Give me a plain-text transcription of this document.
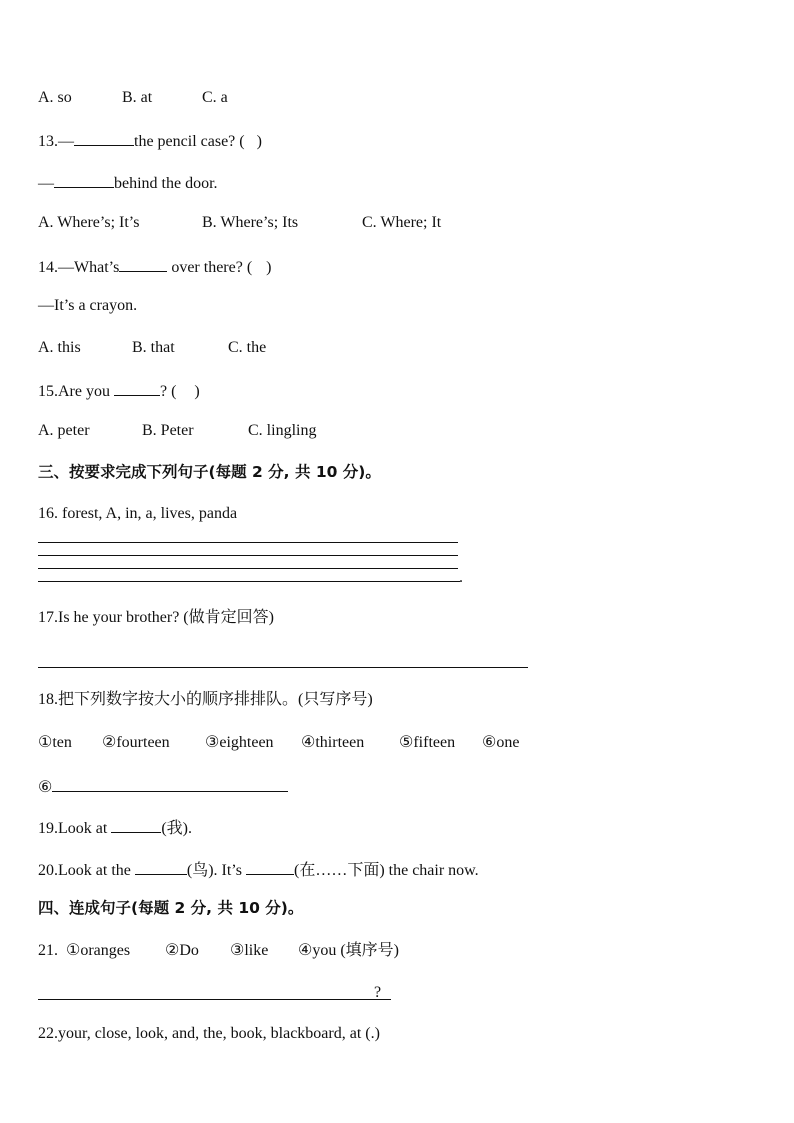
A. so	B. at	C. a
13.—	the pencil case? ( )
—	behind the door.
A. Where’s; It’s	B. Where’s; Its	C. Where; It
14.—What’s	over there? ( )
—It’s a crayon.
A. this	B. that	C. the
15.Are you	? ( )
A. peter	B. Peter	C. lingling
三、按要求完成下列句子(每题 2 分, 共 10 分)。
16. forest, A, in, a, lives, panda
.
17.Is he your brother? (做肯定回答)
18.把下列数字按大小的顺序排排队。(只写序号)
①ten ②fourteen ③eighteen ④thirteen ⑤fifteen ⑥one
⑥
19.Look at	(我).
20.Look at the	(鸟). It’s	(在……下面) the chair now.
四、连成句子(每题 2 分, 共 10 分)。
21. ①oranges ②Do ③like ④you (填序号)
?
22.your, close, look, and, the, book, blackboard, at (.)
